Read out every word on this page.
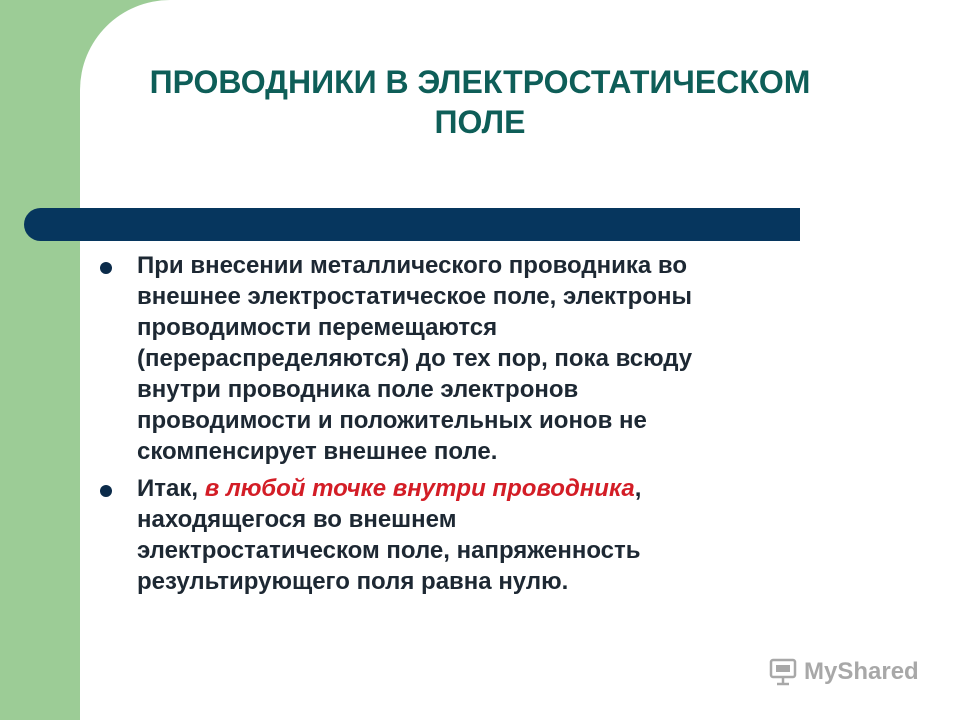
ПРОВОДНИКИ В ЭЛЕКТРОСТАТИЧЕСКОМ
ПОЛЕ
При внесении металлического проводника во
внешнее электростатическое поле, электроны
проводимости перемещаются
(перераспределяются) до тех пор, пока всюду
внутри проводника поле электронов
проводимости и положительных ионов не
скомпенсирует внешнее поле.
Итак, в любой точке внутри проводника,
находящегося во внешнем
электростатическом поле, напряженность
результирующего поля равна нулю.
MyShared
